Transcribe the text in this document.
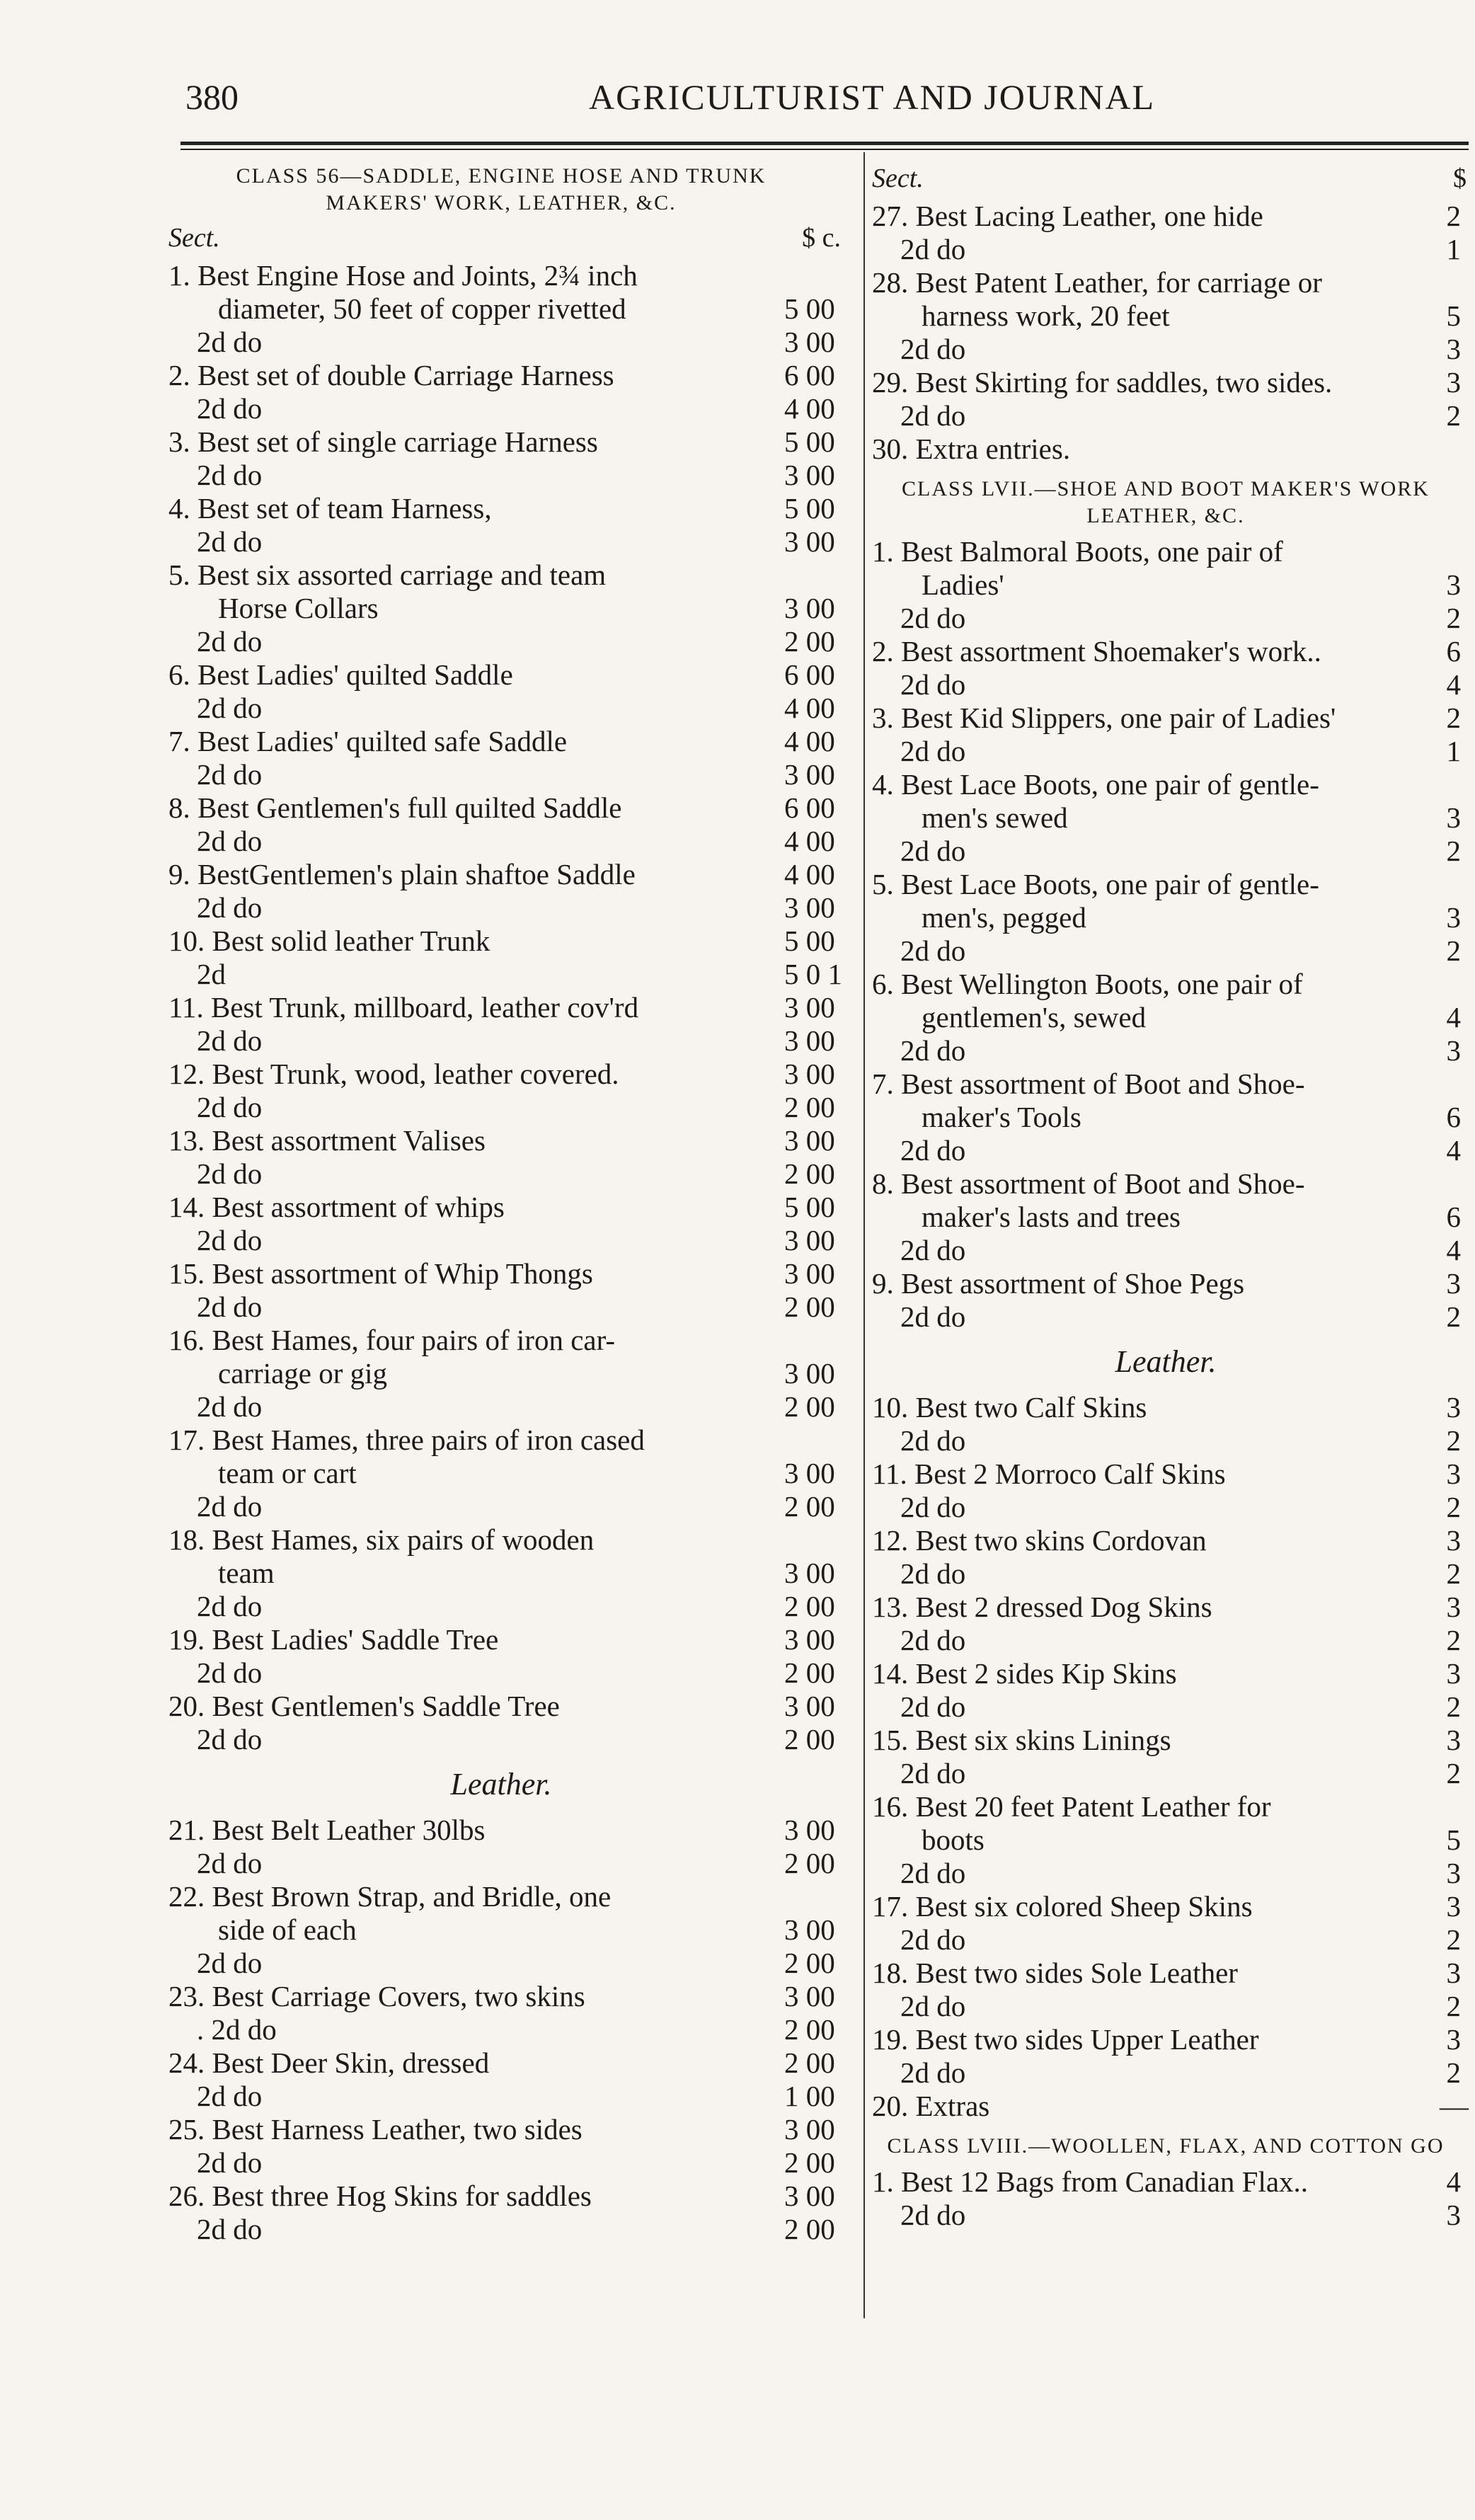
380	AGRICULTURIST AND JOURNAL
CLASS 56—SADDLE, ENGINE HOSE AND TRUNK
MAKERS' WORK, LEATHER, &C.
Sect.	$ c.
1. Best Engine Hose and Joints, 2¾ inch
diameter, 50 feet of copper rivetted	5 00
2d do	3 00
2. Best set of double Carriage Harness	6 00
2d do	4 00
3. Best set of single carriage Harness	5 00
2d do	3 00
4. Best set of team Harness,	5 00
2d do	3 00
5. Best six assorted carriage and team
Horse Collars	3 00
2d do	2 00
6. Best Ladies' quilted Saddle	6 00
2d do	4 00
7. Best Ladies' quilted safe Saddle	4 00
2d do	3 00
8. Best Gentlemen's full quilted Saddle	6 00
2d do	4 00
9. BestGentlemen's plain shaftoe Saddle	4 00
2d do	3 00
10. Best solid leather Trunk	5 00
2d	5 0 1
11. Best Trunk, millboard, leather cov'rd	3 00
2d do	3 00
12. Best Trunk, wood, leather covered.	3 00
2d do	2 00
13. Best assortment Valises	3 00
2d do	2 00
14. Best assortment of whips	5 00
2d do	3 00
15. Best assortment of Whip Thongs	3 00
2d do	2 00
16. Best Hames, four pairs of iron car-
carriage or gig	3 00
2d do	2 00
17. Best Hames, three pairs of iron cased
team or cart	3 00
2d do	2 00
18. Best Hames, six pairs of wooden
team	3 00
2d do	2 00
19. Best Ladies' Saddle Tree	3 00
2d do	2 00
20. Best Gentlemen's Saddle Tree	3 00
2d do	2 00
Leather.
21. Best Belt Leather 30lbs	3 00
2d do	2 00
22. Best Brown Strap, and Bridle, one
side of each	3 00
2d do	2 00
23. Best Carriage Covers, two skins	3 00
. 2d do	2 00
24. Best Deer Skin, dressed	2 00
2d do	1 00
25. Best Harness Leather, two sides	3 00
2d do	2 00
26. Best three Hog Skins for saddles	3 00
2d do	2 00
Sect.	$
27. Best Lacing Leather, one hide	2
2d do	1
28. Best Patent Leather, for carriage or
harness work, 20 feet	5
2d do	3
29. Best Skirting for saddles, two sides.	3
2d do	2
30. Extra entries.
CLASS LVII.—SHOE AND BOOT MAKER'S WORK
LEATHER, &C.
1. Best Balmoral Boots, one pair of
Ladies'	3
2d do	2
2. Best assortment Shoemaker's work..	6
2d do	4
3. Best Kid Slippers, one pair of Ladies'	2
2d do	1
4. Best Lace Boots, one pair of gentle-
men's sewed	3
2d do	2
5. Best Lace Boots, one pair of gentle-
men's, pegged	3
2d do	2
6. Best Wellington Boots, one pair of
gentlemen's, sewed	4
2d do	3
7. Best assortment of Boot and Shoe-
maker's Tools	6
2d do	4
8. Best assortment of Boot and Shoe-
maker's lasts and trees	6
2d do	4
9. Best assortment of Shoe Pegs	3
2d do	2
Leather.
10. Best two Calf Skins	3
2d do	2
11. Best 2 Morroco Calf Skins	3
2d do	2
12. Best two skins Cordovan	3
2d do	2
13. Best 2 dressed Dog Skins	3
2d do	2
14. Best 2 sides Kip Skins	3
2d do	2
15. Best six skins Linings	3
2d do	2
16. Best 20 feet Patent Leather for
boots	5
2d do	3
17. Best six colored Sheep Skins	3
2d do	2
18. Best two sides Sole Leather	3
2d do	2
19. Best two sides Upper Leather	3
2d do	2
20. Extras	—
CLASS LVIII.—WOOLLEN, FLAX, AND COTTON GO
1. Best 12 Bags from Canadian Flax..	4
2d do	3
